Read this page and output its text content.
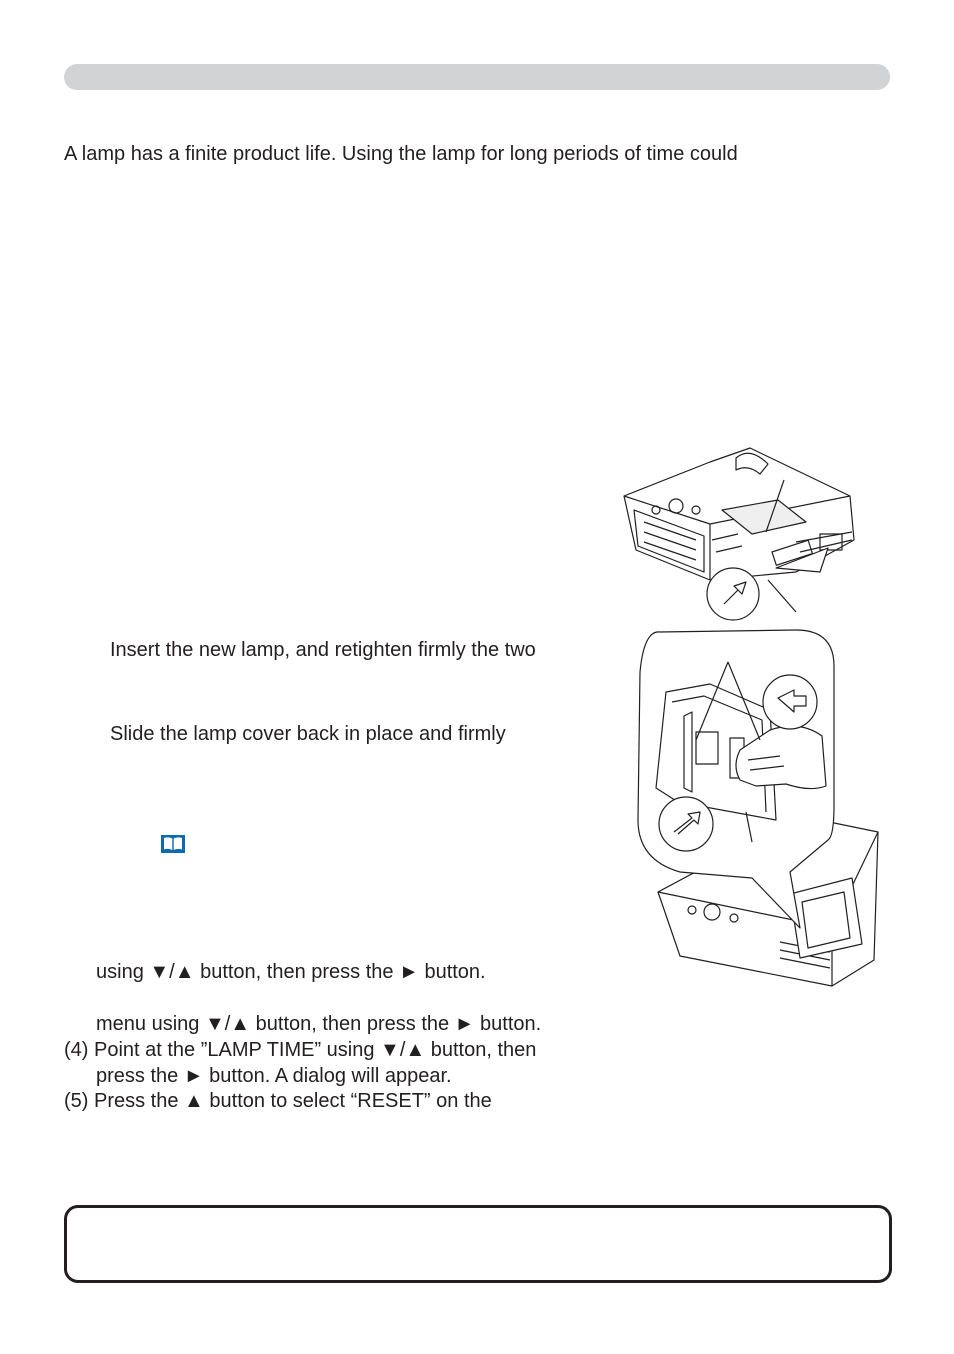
A lamp has a finite product life. Using the lamp for long periods of time could
Insert the new lamp, and retighten firmly the two
Slide the lamp cover back in place and firmly
using ▼/▲ button, then press the ► button.
menu using ▼/▲ button, then press the ► button.
(4) Point at the ”LAMP TIME” using ▼/▲ button, then
press the ► button. A dialog will appear.
(5) Press the ▲ button to select “RESET” on the
